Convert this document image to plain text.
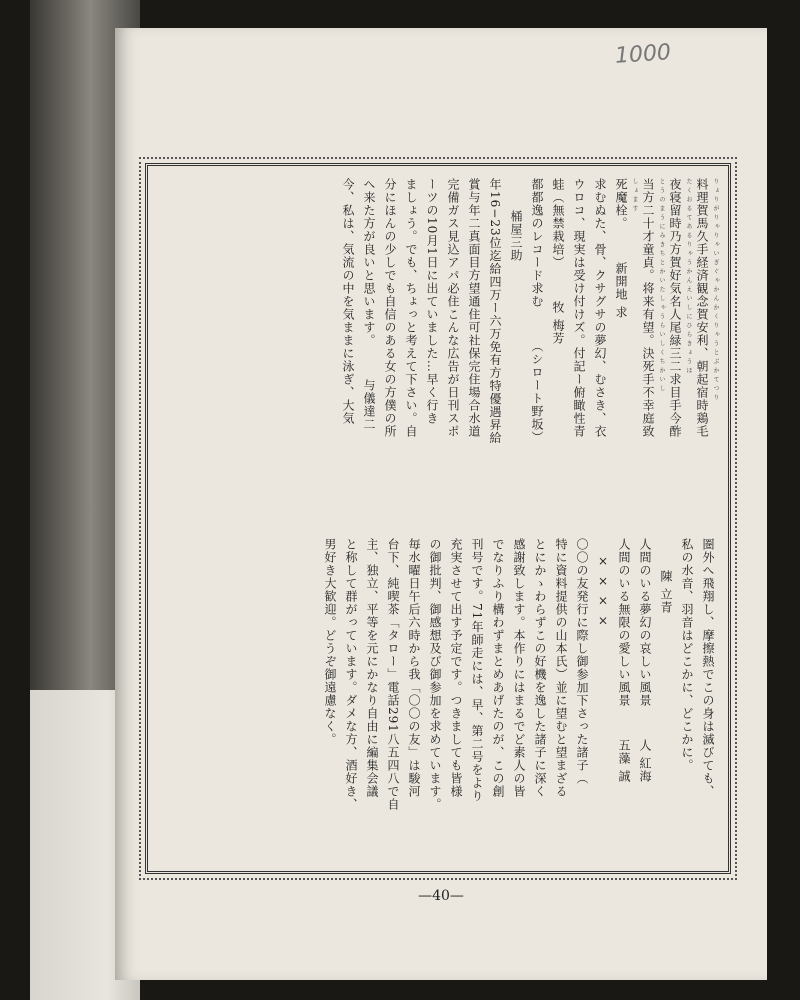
1000

りょりがりゃりゃいぎぐゃかんかくりゃうとぶかてつり

料理賀馬久手経済観念賀安利、朝起宿時鶏毛

たくおるてあるりゃうかんえいしにひらきょうほ

夜寝留時乃方賀好気名人尾緑三二求目手今酢

とうのまうにみきちとかいたしゃうらいしくちかいし

当方二十才童貞。将来有望。決死手不幸庭致

しょます

死魔栓。新開地 求

求むぬた、骨、クサグサの夢幻、むさき、衣

ウロコ、現実は受け付けズ。付記ー俯瞰性青

蛙（無禁栽培）牧 梅芳

都都逸のレコード求む（シロート野坂）

桶屋三助

年16−23位迄給四万ー六万免有方特優遇昇給

賞与年二真面目方望通住可社保完住場合水道

完備ガス見込アパ必住こんな広告が日刊スポ

ーツの10月1日に出ていました…早く行き

ましょう。でも、ちょっと考えて下さい。自

分にほんの少しでも自信のある女の方僕の所

へ来た方が良いと思います。与儀達二

今、私は、気流の中を気ままに泳ぎ、大気

圏外へ飛翔し、摩擦熱でこの身は滅びても、

私の水音、羽音はどこかに、どこかに。

陳 立青

人間のいる夢幻の哀しい風景人 紅海

人間のいる無限の愛しい風景五藻 誠

× × × ×

〇〇の友発行に際し御参加下さった諸子（

特に資料提供の山本氏）並に望むと望まざる

とにかゝわらずこの好機を逸した諸子に深く

感謝致します。本作りにはまるでど素人の皆

でなりふり構わずまとめあげたのが、この創

刊号です。71年師走には、早、第二号をより

充実させて出す予定です。つきましても皆様

の御批判、御感想及び御参加を求めています。

毎水曜日午后六時から我「〇〇の友」は駿河

台下、純喫茶「タロー」電話291八五四八で自

主、独立、平等を元にかなり自由に編集会議

と称して群がっています。ダメな方、酒好き、

男好き大歓迎。どうぞ御遠慮なく。

—40—
